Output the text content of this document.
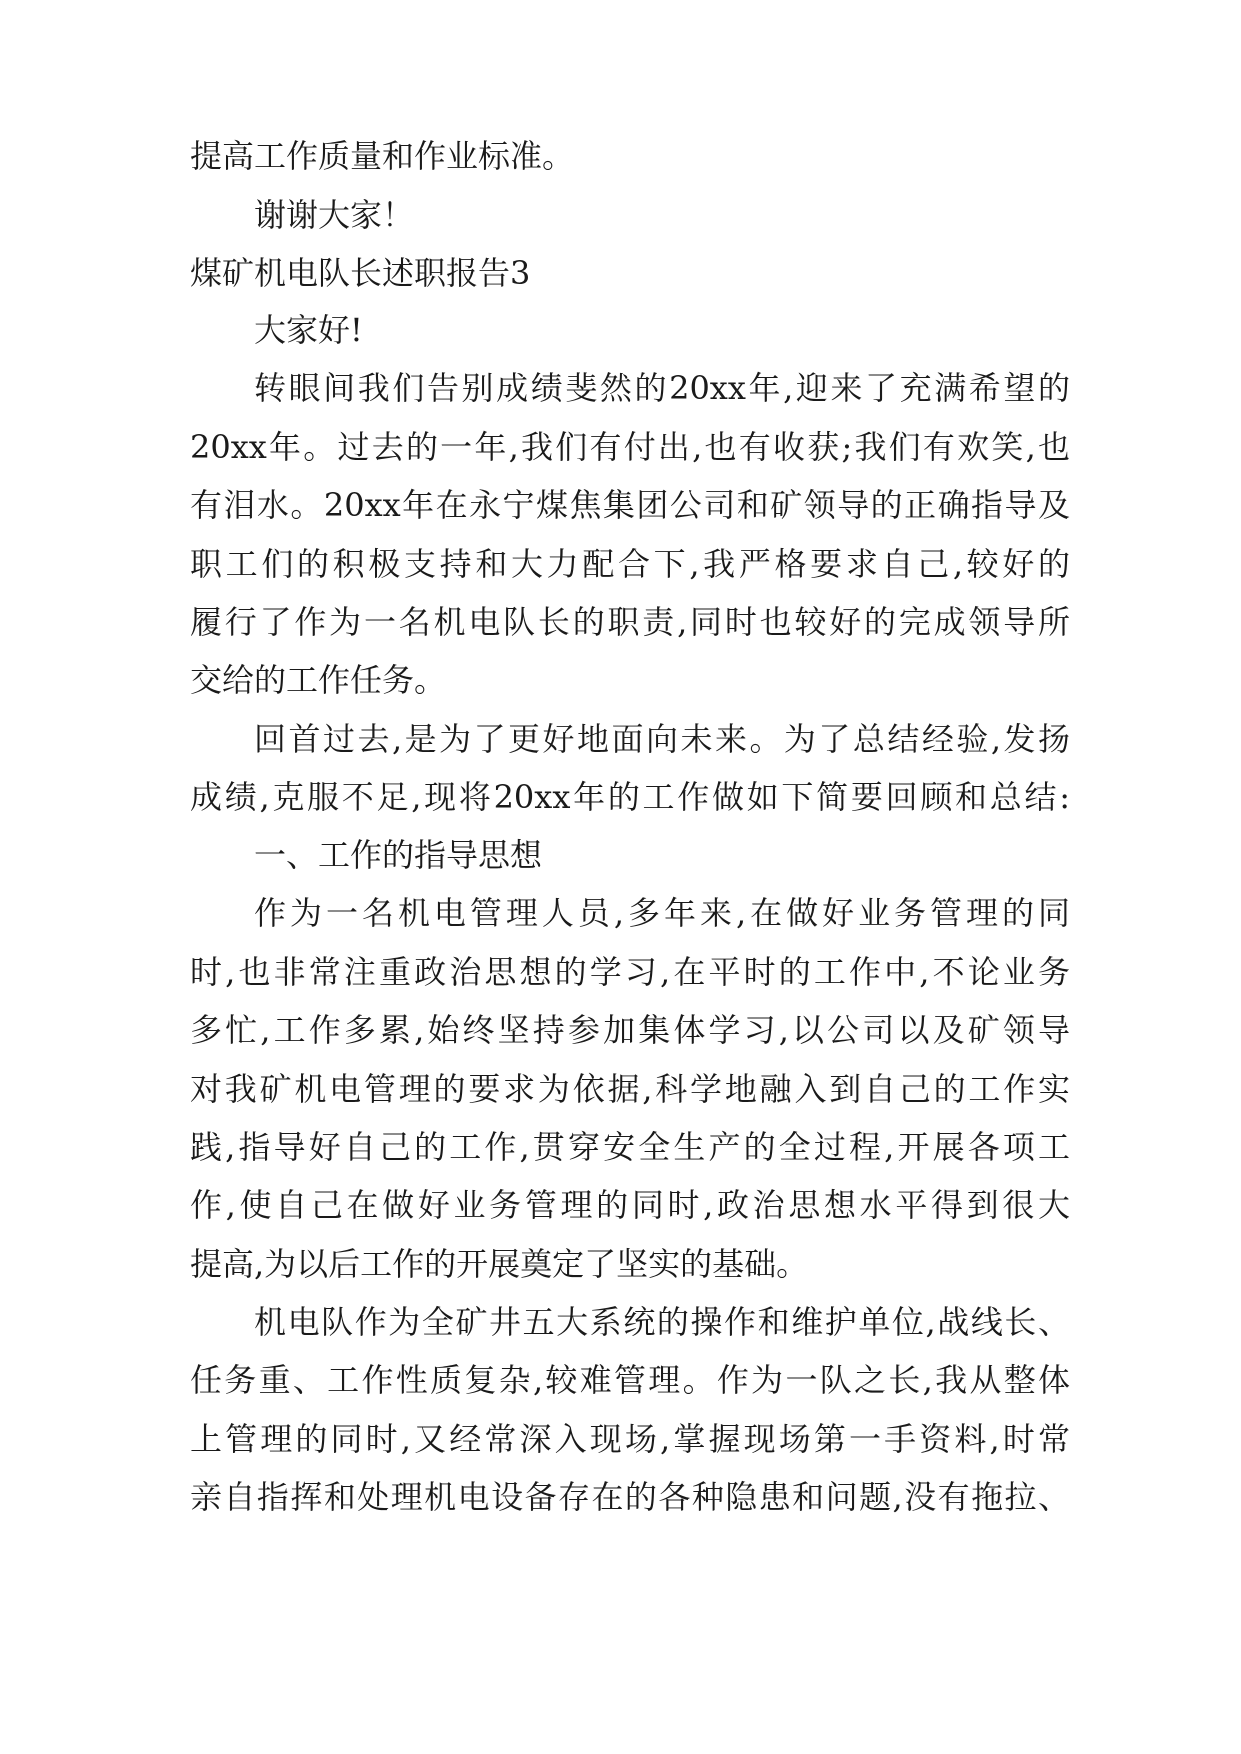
提高工作质量和作业标准。
谢谢大家！
煤矿机电队长述职报告3
大家好!
转眼间我们告别成绩斐然的20xx年,迎来了充满希望的
20xx年。过去的一年,我们有付出,也有收获;我们有欢笑,也
有泪水。20xx年在永宁煤焦集团公司和矿领导的正确指导及
职工们的积极支持和大力配合下,我严格要求自己,较好的
履行了作为一名机电队长的职责,同时也较好的完成领导所
交给的工作任务。
回首过去,是为了更好地面向未来。为了总结经验,发扬
成绩,克服不足,现将20xx年的工作做如下简要回顾和总结:
一、工作的指导思想
作为一名机电管理人员,多年来,在做好业务管理的同
时,也非常注重政治思想的学习,在平时的工作中,不论业务
多忙,工作多累,始终坚持参加集体学习,以公司以及矿领导
对我矿机电管理的要求为依据,科学地融入到自己的工作实
践,指导好自己的工作,贯穿安全生产的全过程,开展各项工
作,使自己在做好业务管理的同时,政治思想水平得到很大
提高,为以后工作的开展奠定了坚实的基础。
机电队作为全矿井五大系统的操作和维护单位,战线长、
任务重、工作性质复杂,较难管理。作为一队之长,我从整体
上管理的同时,又经常深入现场,掌握现场第一手资料,时常
亲自指挥和处理机电设备存在的各种隐患和问题,没有拖拉、
